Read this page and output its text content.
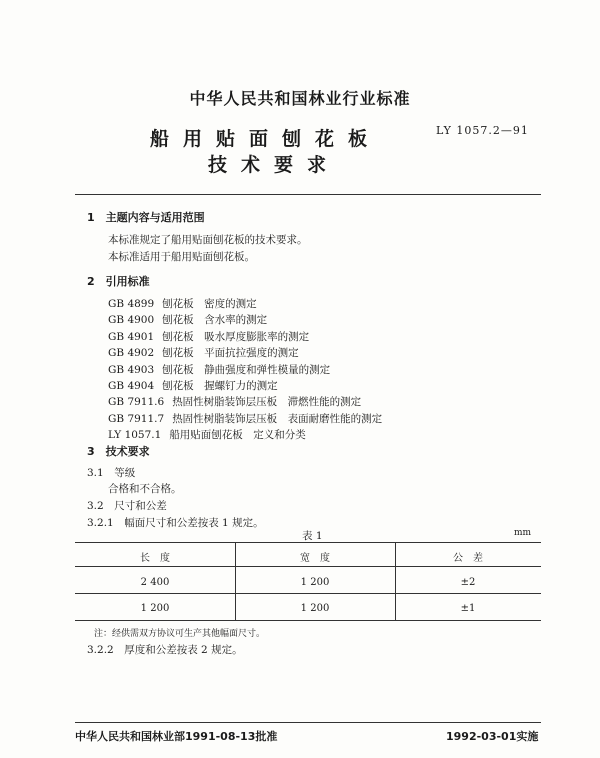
中华人民共和国林业行业标准
船用贴面刨花板
技术要求
LY 1057.2—91
1　主题内容与适用范围
本标准规定了船用贴面刨花板的技术要求。
本标准适用于船用贴面刨花板。
2　引用标准
GB 4899 刨花板　密度的测定
GB 4900 刨花板　含水率的测定
GB 4901 刨花板　吸水厚度膨胀率的测定
GB 4902 刨花板　平面抗拉强度的测定
GB 4903 刨花板　静曲强度和弹性模量的测定
GB 4904 刨花板　握螺钉力的测定
GB 7911.6 热固性树脂装饰层压板　滞燃性能的测定
GB 7911.7 热固性树脂装饰层压板　表面耐磨性能的测定
LY 1057.1 船用贴面刨花板　定义和分类
3　技术要求
3.1　等级
合格和不合格。
3.2　尺寸和公差
3.2.1　幅面尺寸和公差按表 1 规定。
表 1	mm
长　度	宽　度	公　差
2 400	1 200	±2
1 200	1 200	±1
注：经供需双方协议可生产其他幅面尺寸。
3.2.2　厚度和公差按表 2 规定。
中华人民共和国林业部1991-08-13批准	1992-03-01实施
